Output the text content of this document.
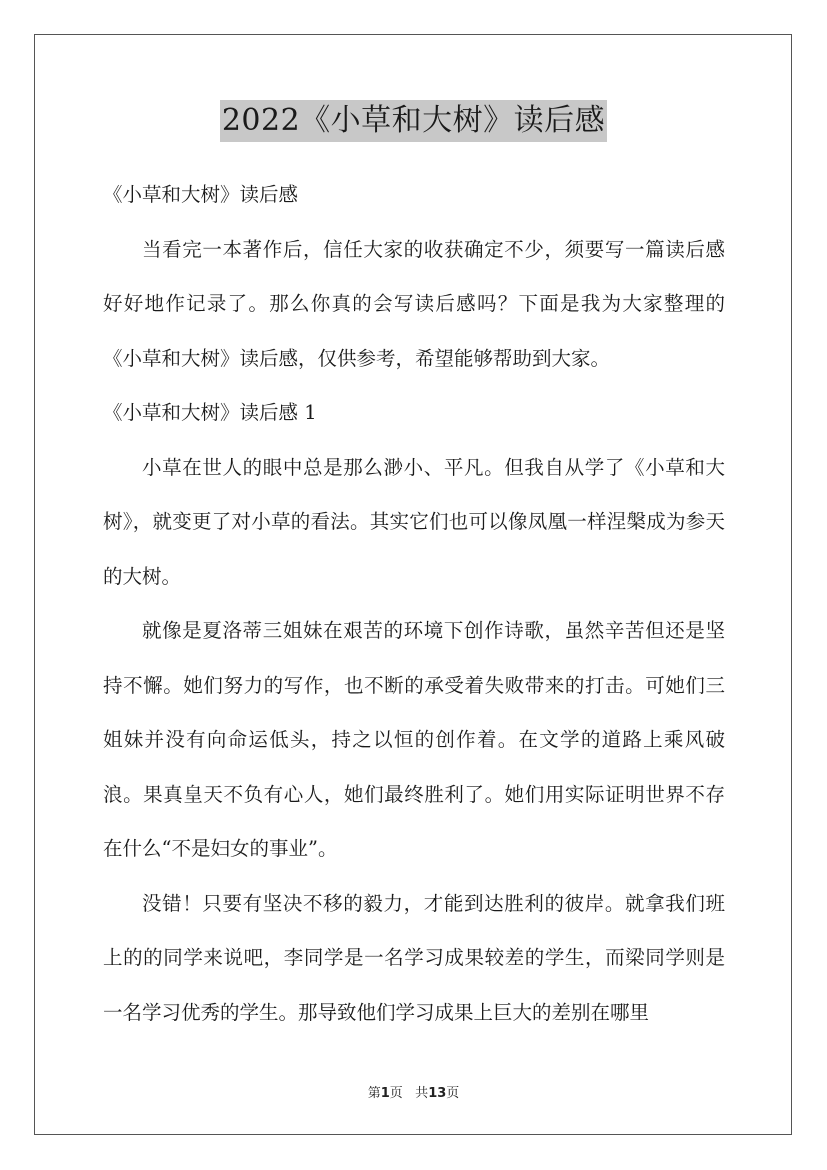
2022《小草和大树》读后感

《小草和大树》读后感

当看完一本著作后，信任大家的收获确定不少，须要写一篇读后感好好地作记录了。那么你真的会写读后感吗？下面是我为大家整理的《小草和大树》读后感，仅供参考，希望能够帮助到大家。

《小草和大树》读后感 1

小草在世人的眼中总是那么渺小、平凡。但我自从学了《小草和大树》，就变更了对小草的看法。其实它们也可以像凤凰一样涅槃成为参天的大树。

就像是夏洛蒂三姐妹在艰苦的环境下创作诗歌，虽然辛苦但还是坚持不懈。她们努力的写作，也不断的承受着失败带来的打击。可她们三姐妹并没有向命运低头，持之以恒的创作着。在文学的道路上乘风破浪。果真皇天不负有心人，她们最终胜利了。她们用实际证明世界不存在什么“不是妇女的事业”。

没错！只要有坚决不移的毅力，才能到达胜利的彼岸。就拿我们班上的的同学来说吧，李同学是一名学习成果较差的学生，而梁同学则是一名学习优秀的学生。那导致他们学习成果上巨大的差别在哪里

第1页 共13页
